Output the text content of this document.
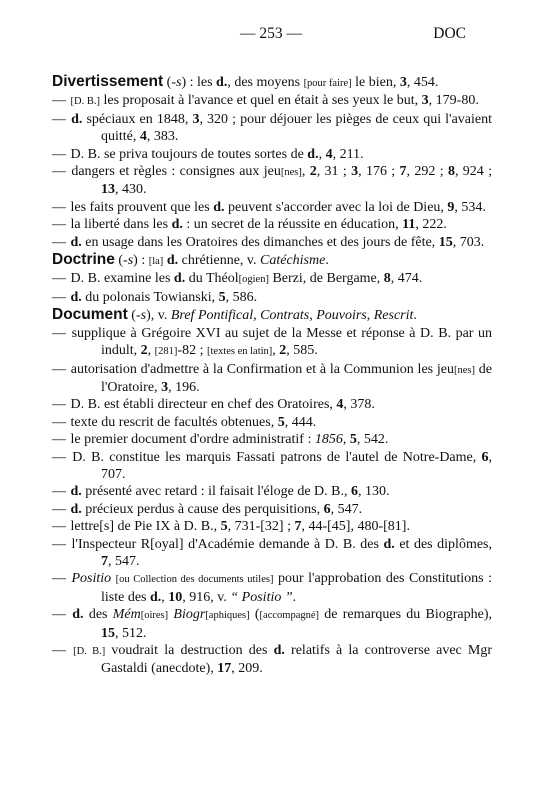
— 253 —	DOC

Divertissement (-s) : les d., des moyens [pour faire] le bien, 3, 454.

— [D. B.] les proposait à l'avance et quel en était à ses yeux le but, 3, 179-80.

— d. spéciaux en 1848, 3, 320 ; pour déjouer les pièges de ceux qui l'avaient quitté, 4, 383.

— D. B. se priva toujours de toutes sortes de d., 4, 211.

— dangers et règles : consignes aux jeu[nes], 2, 31 ; 3, 176 ; 7, 292 ; 8, 924 ; 13, 430.

— les faits prouvent que les d. peuvent s'accorder avec la loi de Dieu, 9, 534.

— la liberté dans les d. : un secret de la réussite en éducation, 11, 222.

— d. en usage dans les Oratoires des dimanches et des jours de fête, 15, 703.

Doctrine (-s) : [la] d. chrétienne, v. Catéchisme.

— D. B. examine les d. du Théol[ogien] Berzi, de Bergame, 8, 474.

— d. du polonais Towianski, 5, 586.

Document (-s), v. Bref Pontifical, Contrats, Pouvoirs, Rescrit.

— supplique à Grégoire XVI au sujet de la Messe et réponse à D. B. par un indult, 2, [281]-82 ; [textes en latin], 2, 585.

— autorisation d'admettre à la Confirmation et à la Communion les jeu[nes] de l'Oratoire, 3, 196.

— D. B. est établi directeur en chef des Oratoires, 4, 378.

— texte du rescrit de facultés obtenues, 5, 444.

— le premier document d'ordre administratif : 1856, 5, 542.

— D. B. constitue les marquis Fassati patrons de l'autel de Notre-Dame, 6, 707.

— d. présenté avec retard : il faisait l'éloge de D. B., 6, 130.

— d. précieux perdus à cause des perquisitions, 6, 547.

— lettre[s] de Pie IX à D. B., 5, 731-[32] ; 7, 44-[45], 480-[81].

— l'Inspecteur R[oyal] d'Académie demande à D. B. des d. et des diplômes, 7, 547.

— Positio [ou Collection des documents utiles] pour l'approbation des Constitutions : liste des d., 10, 916, v. “ Positio ”.

— d. des Mém[oires] Biogr[aphiques] ([accompagné] de remarques du Biographe), 15, 512.

— [D. B.] voudrait la destruction des d. relatifs à la controverse avec Mgr Gastaldi (anecdote), 17, 209.
